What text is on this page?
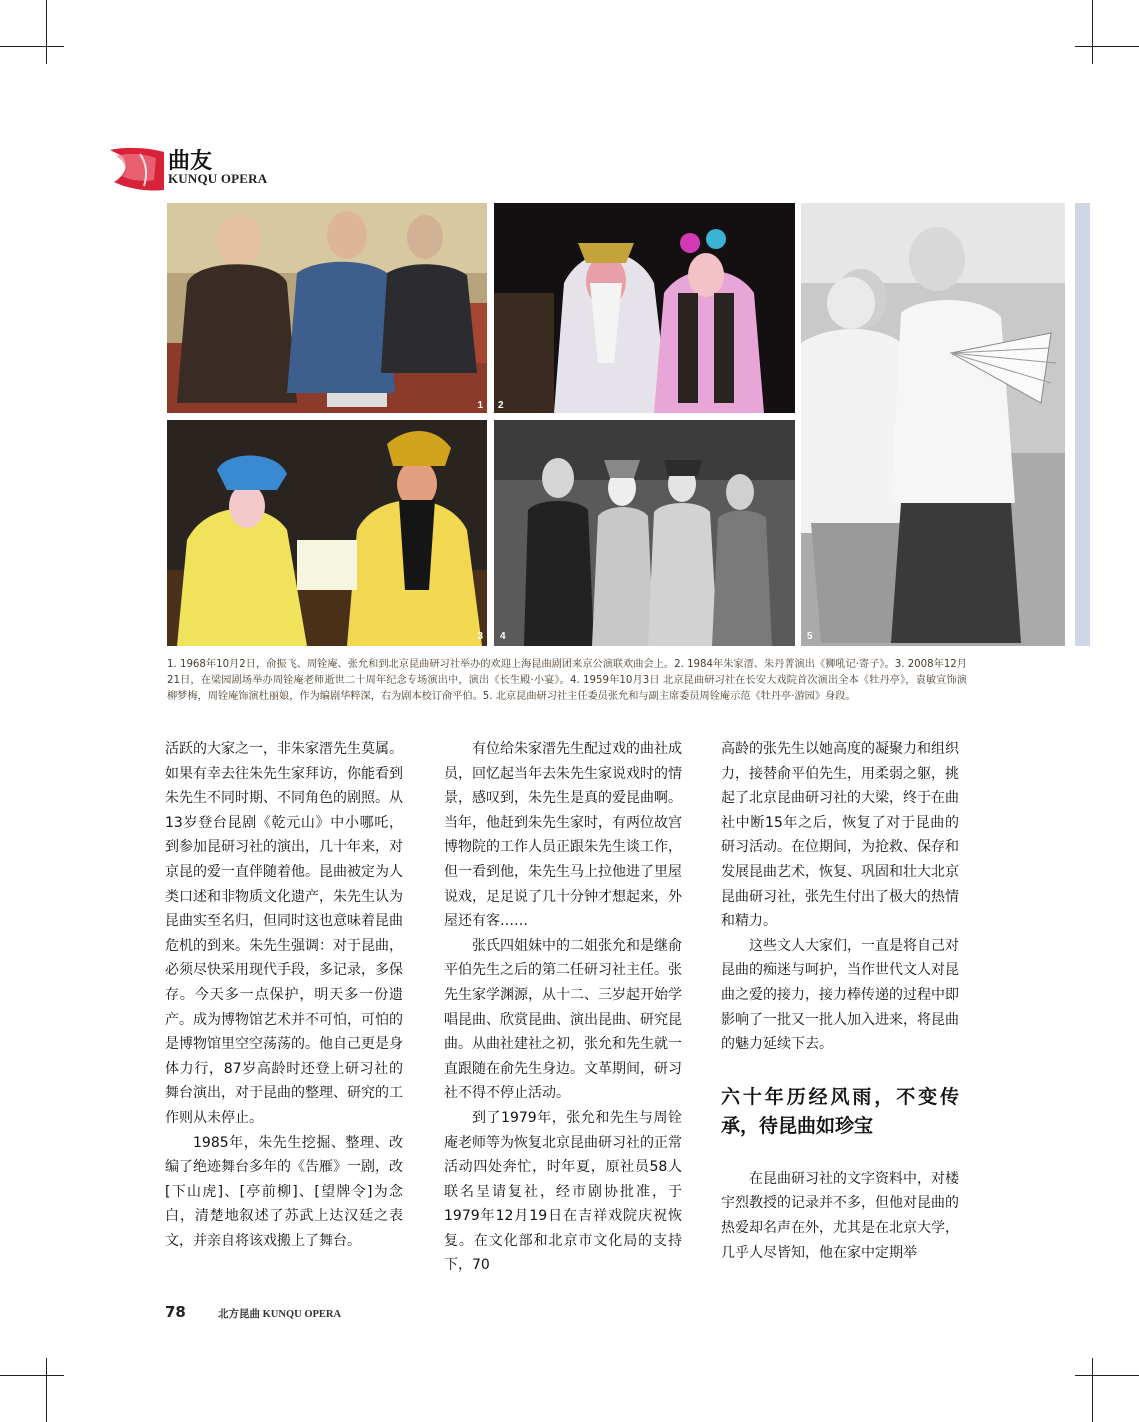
曲友
KUNQU OPERA
1 2
5
3 4
1. 1968年10月2日，俞振飞、周铨庵、张允和到北京昆曲研习社举办的欢迎上海昆曲剧团来京公演联欢曲会上。2. 1984年朱家溍、朱丹菁演出《狮吼记·寄子》。3. 2008年12月21日，在梁园剧场举办周铨庵老师逝世二十周年纪念专场演出中，演出《长生殿·小宴》。4. 1959年10月3日 北京昆曲研习社在长安大戏院首次演出全本《牡丹亭》，袁敏宣饰演柳梦梅，周铨庵饰演杜丽娘，作为编剧华粹深，右为剧本校订俞平伯。5. 北京昆曲研习社主任委员张允和与副主席委员周铨庵示范《牡丹亭·游园》身段。

活跃的大家之一，非朱家溍先生莫属。如果有幸去往朱先生家拜访，你能看到朱先生不同时期、不同角色的剧照。从13岁登台昆剧《乾元山》中小哪吒，到参加昆研习社的演出，几十年来，对京昆的爱一直伴随着他。昆曲被定为人类口述和非物质文化遗产，朱先生认为昆曲实至名归，但同时这也意味着昆曲危机的到来。朱先生强调：对于昆曲，必须尽快采用现代手段，多记录，多保存。今天多一点保护，明天多一份遗产。成为博物馆艺术并不可怕，可怕的是博物馆里空空荡荡的。他自己更是身体力行，87岁高龄时还登上研习社的舞台演出，对于昆曲的整理、研究的工作则从未停止。

1985年，朱先生挖掘、整理、改编了绝迹舞台多年的《告雁》一剧，改[下山虎]、[亭前柳]、[望牌令]为念白，清楚地叙述了苏武上达汉廷之表文，并亲自将该戏搬上了舞台。

有位给朱家溍先生配过戏的曲社成员，回忆起当年去朱先生家说戏时的情景，感叹到，朱先生是真的爱昆曲啊。当年，他赶到朱先生家时，有两位故宫博物院的工作人员正跟朱先生谈工作，但一看到他，朱先生马上拉他进了里屋说戏，足足说了几十分钟才想起来，外屋还有客……

张氏四姐妹中的二姐张允和是继俞平伯先生之后的第二任研习社主任。张先生家学渊源，从十二、三岁起开始学唱昆曲、欣赏昆曲、演出昆曲、研究昆曲。从曲社建社之初，张允和先生就一直跟随在俞先生身边。文革期间，研习社不得不停止活动。

到了1979年，张允和先生与周铨庵老师等为恢复北京昆曲研习社的正常活动四处奔忙，时年夏，原社员58人联名呈请复社，经市剧协批准，于1979年12月19日在吉祥戏院庆祝恢复。在文化部和北京市文化局的支持下，70

高龄的张先生以她高度的凝聚力和组织力，接替俞平伯先生，用柔弱之躯，挑起了北京昆曲研习社的大梁，终于在曲社中断15年之后，恢复了对于昆曲的研习活动。在位期间，为抢救、保存和发展昆曲艺术，恢复、巩固和壮大北京昆曲研习社，张先生付出了极大的热情和精力。

这些文人大家们，一直是将自己对昆曲的痴迷与呵护，当作世代文人对昆曲之爱的接力，接力棒传递的过程中即影响了一批又一批人加入进来，将昆曲的魅力延续下去。

六十年历经风雨，不变传承，待昆曲如珍宝

在昆曲研习社的文字资料中，对楼宇烈教授的记录并不多，但他对昆曲的热爱却名声在外，尤其是在北京大学，几乎人尽皆知，他在家中定期举

78	北方昆曲 KUNQU OPERA
